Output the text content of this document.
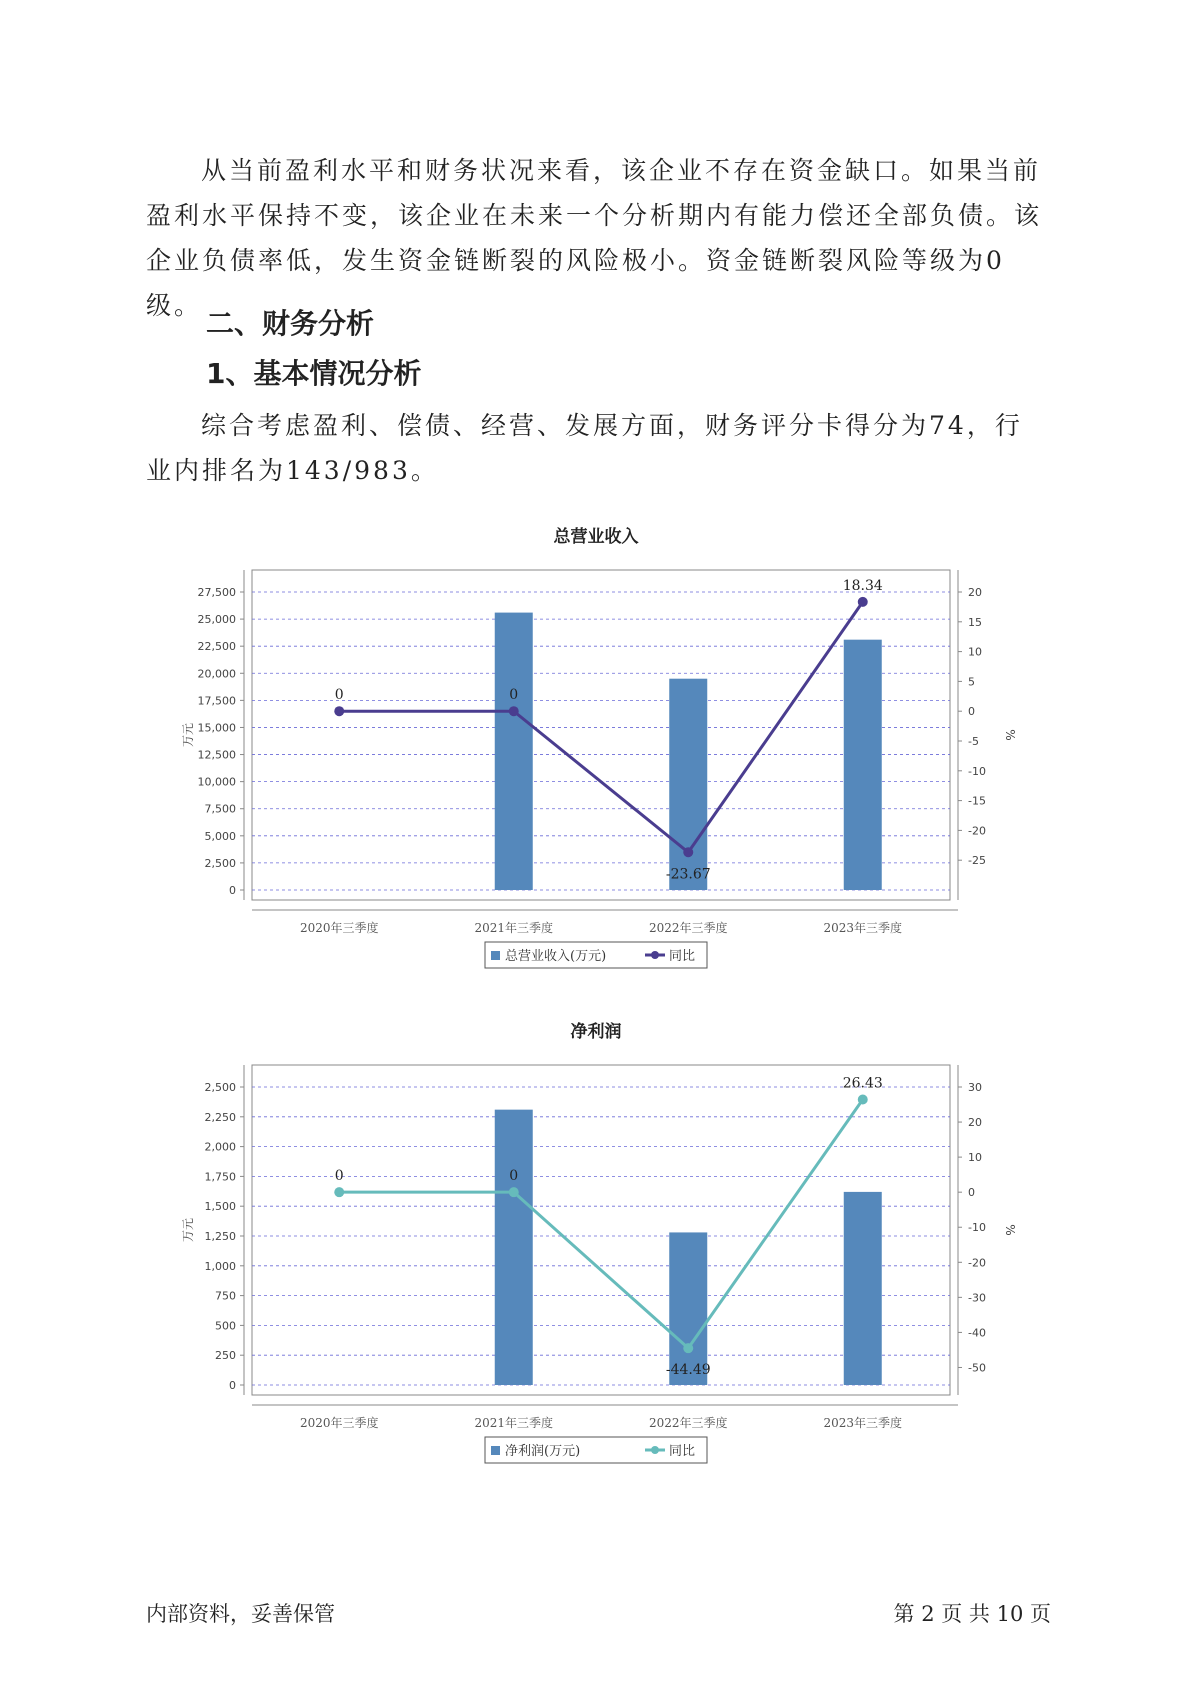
从当前盈利水平和财务状况来看，该企业不存在资金缺口。如果当前盈利水平保持不变，该企业在未来一个分析期内有能力偿还全部负债。该企业负债率低，发生资金链断裂的风险极小。资金链断裂风险等级为0级。

二、财务分析
1、基本情况分析

综合考虑盈利、偿债、经营、发展方面，财务评分卡得分为74，行业内排名为143/983。

总营业收入
0
2,500
5,000
7,500
10,000
12,500
15,000
17,500
20,000
22,500
25,000
27,500
万元
-25
-20
-15
-10
-5
0
5
10
15
20
%
2020年三季度	2021年三季度	2022年三季度	2023年三季度
0	0
-23.67
18.34
总营业收入(万元)	同比
净利润
0
250
500
750
1,000
1,250
1,500
1,750
2,000
2,250
2,500
万元
-50
-40
-30
-20
-10
0
10
20
30
%
2020年三季度	2021年三季度	2022年三季度	2023年三季度
0	0
-44.49
26.43
净利润(万元)	同比
内部资料，妥善保管	第 2 页 共 10 页
